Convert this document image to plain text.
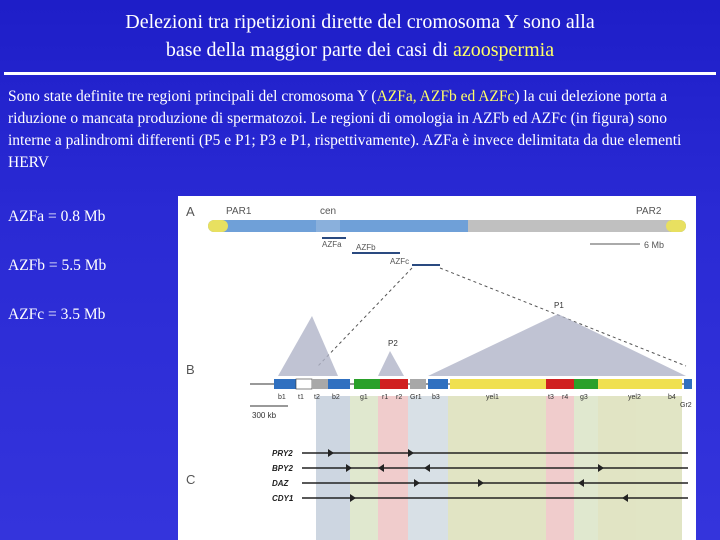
Delezioni tra ripetizioni dirette del cromosoma Y sono alla
base della maggior parte dei casi di azoospermia
Sono state definite tre regioni principali del cromosoma Y (AZFa, AZFb ed AZFc) la cui delezione porta a riduzione o mancata produzione di spermatozoi. Le regioni di omologia in AZFb ed AZFc (in figura) sono interne a palindromi differenti (P5 e P1; P3 e P1, rispettivamente). AZFa è invece delimitata da due elementi HERV
AZFa = 0.8 Mb
AZFb = 5.5 Mb
AZFc = 3.5 Mb
A
B
C
PAR1	cen	PAR2
AZFa AZFb
AZFc
6 Mb
P2
P1
b1 t1 t2 b2	g1 r1 r2 Gr1 b3	yel1	t3 r4 g3	yel2	b4
Gr2
300 kb
PRY2
BPY2
DAZ
CDY1
